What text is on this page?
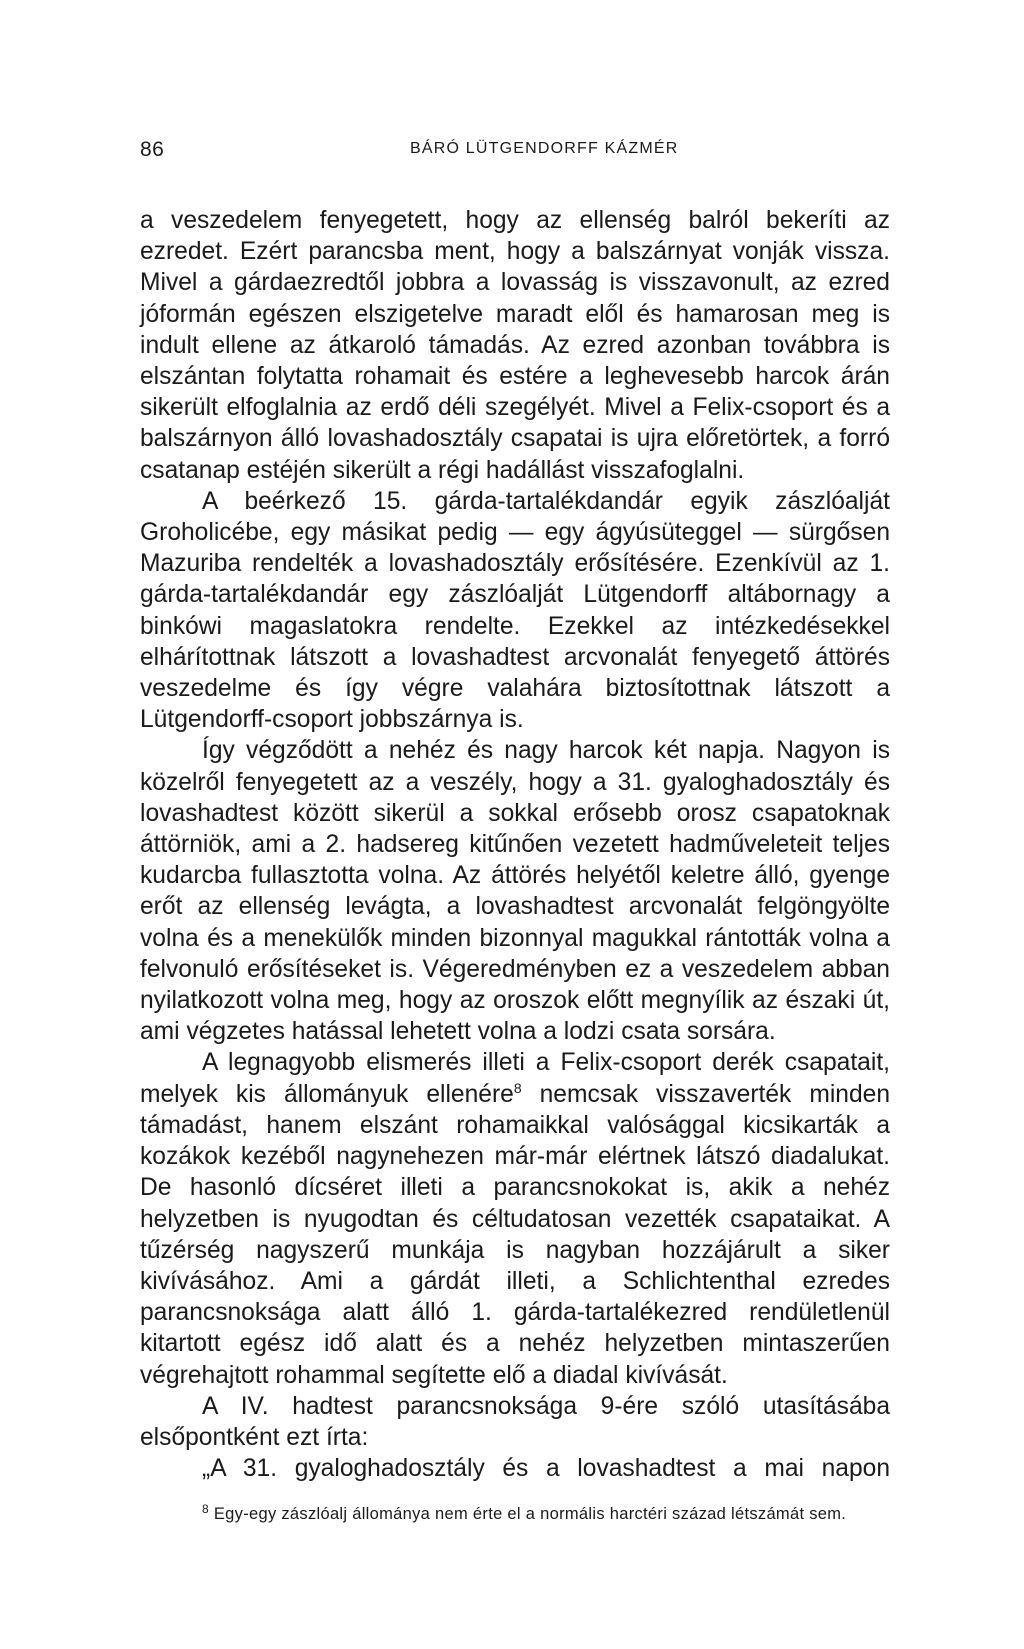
86	BÁRÓ LÜTGENDORFF KÁZMÉR

a veszedelem fenyegetett, hogy az ellenség balról bekeríti az ezredet. Ezért parancsba ment, hogy a balszárnyat vonják vissza. Mivel a gárdaezredtől jobbra a lovasság is visszavonult, az ezred jóformán egészen elszigetelve maradt elől és hamarosan meg is indult ellene az átkaroló támadás. Az ezred azonban továbbra is elszántan folytatta rohamait és estére a leghevesebb harcok árán sikerült elfoglalnia az erdő déli szegélyét. Mivel a Felix-csoport és a balszárnyon álló lovashadosztály csapatai is ujra előretörtek, a forró csatanap estéjén sikerült a régi hadállást visszafoglalni.

A beérkező 15. gárda-tartalékdandár egyik zászlóalját Groholicébe, egy másikat pedig — egy ágyúsüteggel — sürgősen Mazuriba rendelték a lovashadosztály erősítésére. Ezenkívül az 1. gárda-tartalékdandár egy zászlóalját Lütgendorff altábornagy a binkówi magaslatokra rendelte. Ezekkel az intézkedésekkel elhárítottnak látszott a lovashadtest arcvonalát fenyegető áttörés veszedelme és így végre valahára biztosítottnak látszott a Lütgendorff-csoport jobbszárnya is.

Így végződött a nehéz és nagy harcok két napja. Nagyon is közelről fenyegetett az a veszély, hogy a 31. gyaloghadosztály és lovashadtest között sikerül a sokkal erősebb orosz csapatoknak áttörniök, ami a 2. hadsereg kitűnően vezetett hadműveleteit teljes kudarcba fullasztotta volna. Az áttörés helyétől keletre álló, gyenge erőt az ellenség levágta, a lovashadtest arcvonalát felgöngyölte volna és a menekülők minden bizonnyal magukkal rántották volna a felvonuló erősítéseket is. Végeredményben ez a veszedelem abban nyilatkozott volna meg, hogy az oroszok előtt megnyílik az északi út, ami végzetes hatással lehetett volna a lodzi csata sorsára.

A legnagyobb elismerés illeti a Felix-csoport derék csapatait, melyek kis állományuk ellenére$^8$ nemcsak visszaverték minden támadást, hanem elszánt rohamaikkal valósággal kicsikarták a kozákok kezéből nagynehezen már-már elértnek látszó diadalukat. De hasonló dícséret illeti a parancsnokokat is, akik a nehéz helyzetben is nyugodtan és céltudatosan vezették csapataikat. A tűzérség nagyszerű munkája is nagyban hozzájárult a siker kivívásához. Ami a gárdát illeti, a Schlichtenthal ezredes parancsnoksága alatt álló 1. gárda-tartalékezred rendületlenül kitartott egész idő alatt és a nehéz helyzetben mintaszerűen végrehajtott rohammal segítette elő a diadal kivívását.

A IV. hadtest parancsnoksága 9-ére szóló utasításába elsőpontként ezt írta:

„A 31. gyaloghadosztály és a lovashadtest a mai napon

$^8$ Egy-egy zászlóalj állománya nem érte el a normális harctéri század létszámát sem.
